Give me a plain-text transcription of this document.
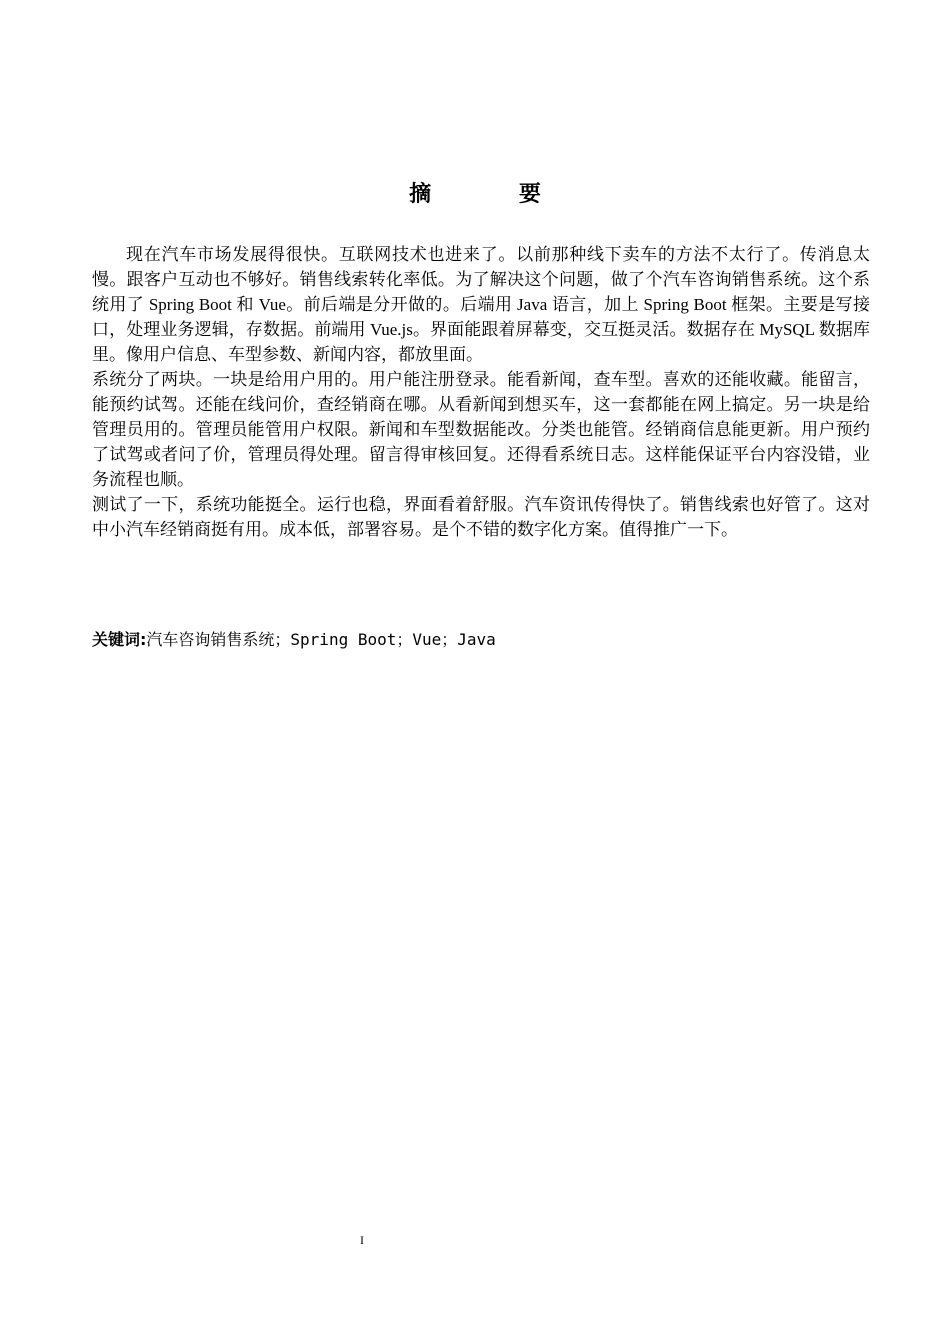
摘 要

现在汽车市场发展得很快。互联网技术也进来了。以前那种线下卖车的方法不太行了。传消息太慢。跟客户互动也不够好。销售线索转化率低。为了解决这个问题，做了个汽车咨询销售系统。这个系统用了 Spring Boot 和 Vue。前后端是分开做的。后端用 Java 语言，加上 Spring Boot 框架。主要是写接口，处理业务逻辑，存数据。前端用 Vue.js。界面能跟着屏幕变，交互挺灵活。数据存在 MySQL 数据库里。像用户信息、车型参数、新闻内容，都放里面。

系统分了两块。一块是给用户用的。用户能注册登录。能看新闻，查车型。喜欢的还能收藏。能留言，能预约试驾。还能在线问价，查经销商在哪。从看新闻到想买车，这一套都能在网上搞定。另一块是给管理员用的。管理员能管用户权限。新闻和车型数据能改。分类也能管。经销商信息能更新。用户预约了试驾或者问了价，管理员得处理。留言得审核回复。还得看系统日志。这样能保证平台内容没错，业务流程也顺。

测试了一下，系统功能挺全。运行也稳，界面看着舒服。汽车资讯传得快了。销售线索也好管了。这对中小汽车经销商挺有用。成本低，部署容易。是个不错的数字化方案。值得推广一下。

关键词:汽车咨询销售系统；Spring Boot；Vue；Java
I
